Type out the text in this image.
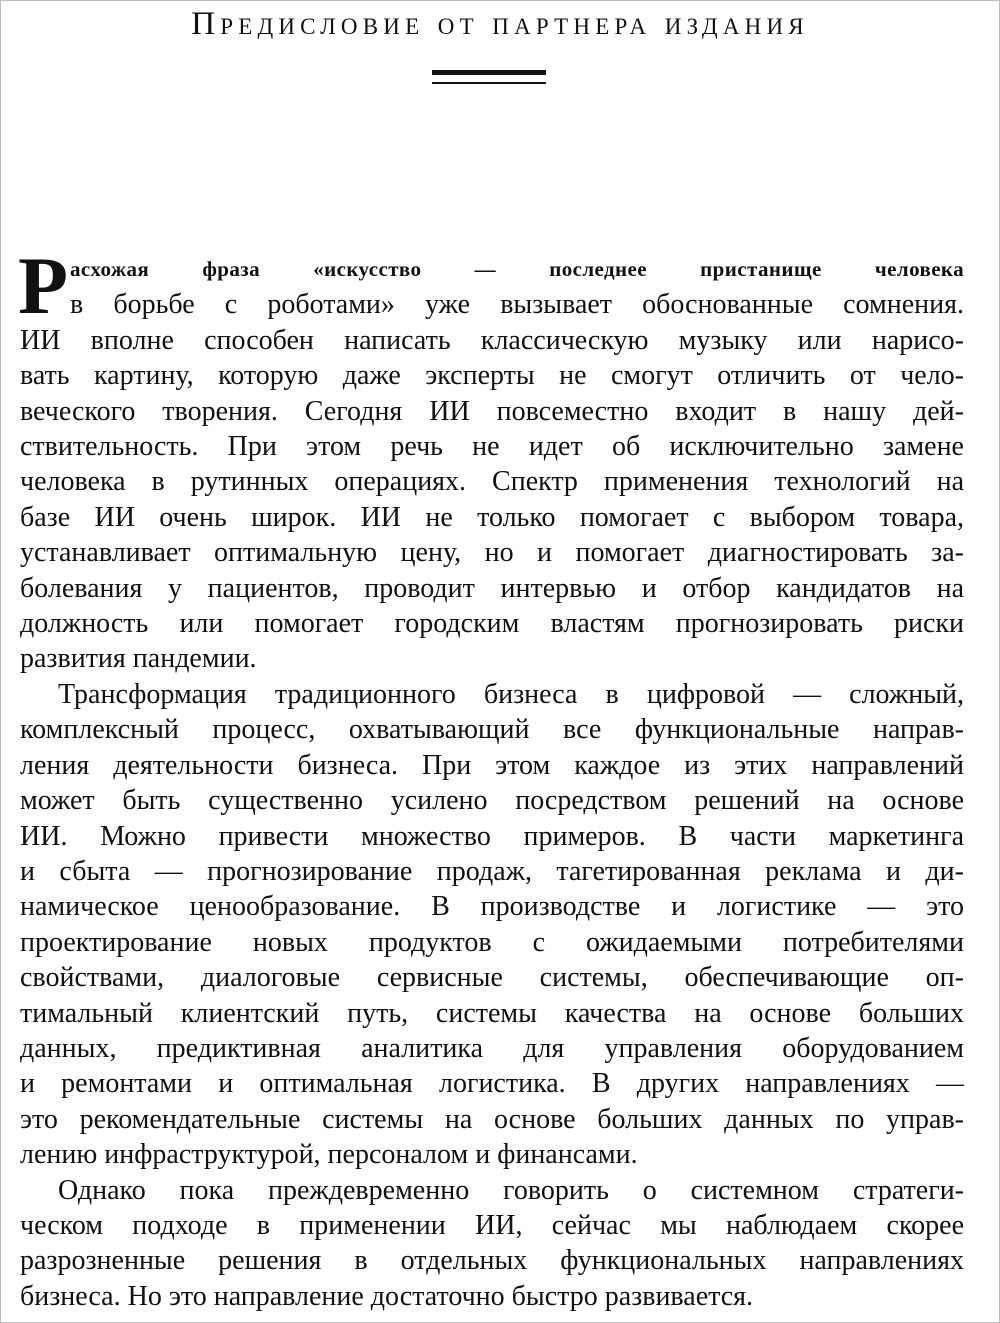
Предисловие от партнера издания
Р асхожая фраза «искусство — последнее пристанище человека
в борьбе с роботами» уже вызывает обоснованные сомнения.
ИИ вполне способен написать классическую музыку или нарисо-
вать картину, которую даже эксперты не смогут отличить от чело-
веческого творения. Сегодня ИИ повсеместно входит в нашу дей-
ствительность. При этом речь не идет об исключительно замене
человека в рутинных операциях. Спектр применения технологий на
базе ИИ очень широк. ИИ не только помогает с выбором товара,
устанавливает оптимальную цену, но и помогает диагностировать за-
болевания у пациентов, проводит интервью и отбор кандидатов на
должность или помогает городским властям прогнозировать риски
развития пандемии.
Трансформация традиционного бизнеса в цифровой — сложный,
комплексный процесс, охватывающий все функциональные направ-
ления деятельности бизнеса. При этом каждое из этих направлений
может быть существенно усилено посредством решений на основе
ИИ. Можно привести множество примеров. В части маркетинга
и сбыта — прогнозирование продаж, тагетированная реклама и ди-
намическое ценообразование. В производстве и логистике — это
проектирование новых продуктов с ожидаемыми потребителями
свойствами, диалоговые сервисные системы, обеспечивающие оп-
тимальный клиентский путь, системы качества на основе больших
данных, предиктивная аналитика для управления оборудованием
и ремонтами и оптимальная логистика. В других направлениях —
это рекомендательные системы на основе больших данных по управ-
лению инфраструктурой, персоналом и финансами.
Однако пока преждевременно говорить о системном стратеги-
ческом подходе в применении ИИ, сейчас мы наблюдаем скорее
разрозненные решения в отдельных функциональных направлениях
бизнеса. Но это направление достаточно быстро развивается.
